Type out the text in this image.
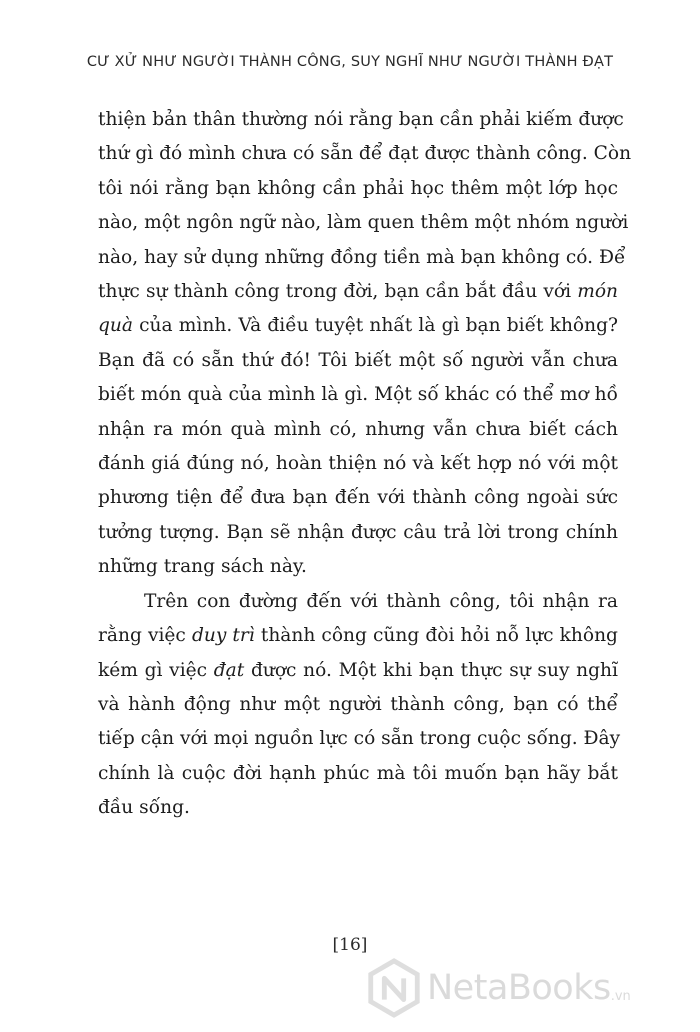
CƯ XỬ NHƯ NGƯỜI THÀNH CÔNG, SUY NGHĨ NHƯ NGƯỜI THÀNH ĐẠT

thiện bản thân thường nói rằng bạn cần phải kiếm được
thứ gì đó mình chưa có sẵn để đạt được thành công. Còn
tôi nói rằng bạn không cần phải học thêm một lớp học
nào, một ngôn ngữ nào, làm quen thêm một nhóm người
nào, hay sử dụng những đồng tiền mà bạn không có. Để
thực sự thành công trong đời, bạn cần bắt đầu với món
quà của mình. Và điều tuyệt nhất là gì bạn biết không?
Bạn đã có sẵn thứ đó! Tôi biết một số người vẫn chưa
biết món quà của mình là gì. Một số khác có thể mơ hồ
nhận ra món quà mình có, nhưng vẫn chưa biết cách
đánh giá đúng nó, hoàn thiện nó và kết hợp nó với một
phương tiện để đưa bạn đến với thành công ngoài sức
tưởng tượng. Bạn sẽ nhận được câu trả lời trong chính
những trang sách này.

Trên con đường đến với thành công, tôi nhận ra
rằng việc duy trì thành công cũng đòi hỏi nỗ lực không
kém gì việc đạt được nó. Một khi bạn thực sự suy nghĩ
và hành động như một người thành công, bạn có thể
tiếp cận với mọi nguồn lực có sẵn trong cuộc sống. Đây
chính là cuộc đời hạnh phúc mà tôi muốn bạn hãy bắt
đầu sống.

[16]
NetaBooks .vn
